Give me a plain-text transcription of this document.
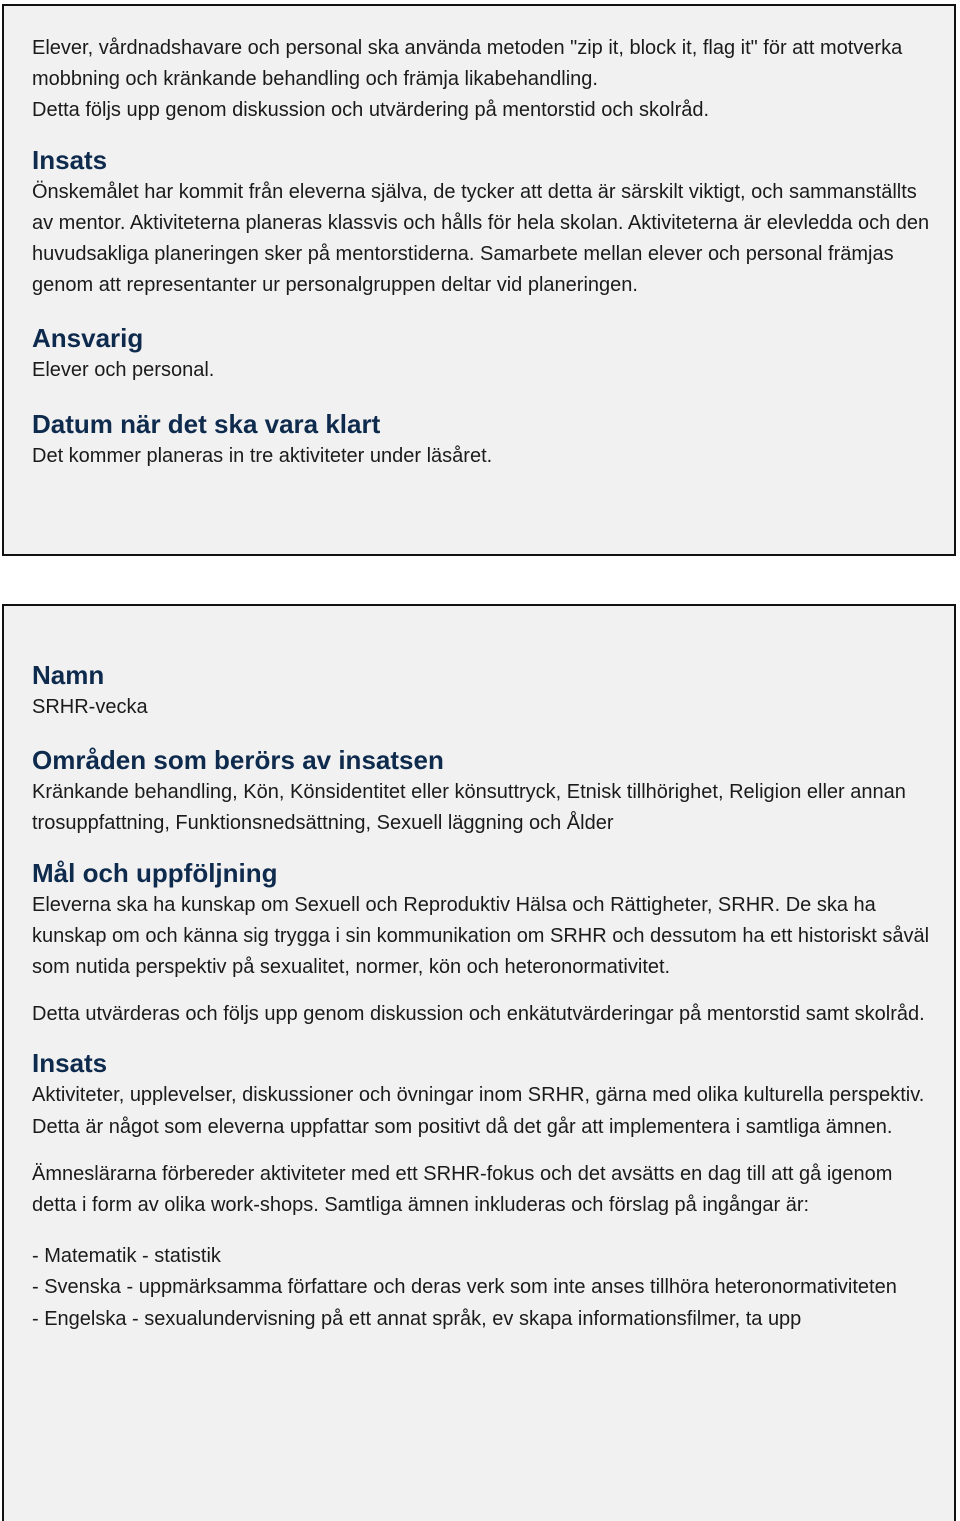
Elever, vårdnadshavare och personal ska använda metoden "zip it, block it, flag it" för att motverka mobbning och kränkande behandling och främja likabehandling.

Detta följs upp genom diskussion och utvärdering på mentorstid och skolråd.

Insats

Önskemålet har kommit från eleverna själva, de tycker att detta är särskilt viktigt, och sammanställts av mentor. Aktiviteterna planeras klassvis och hålls för hela skolan. Aktiviteterna är elevledda och den huvudsakliga planeringen sker på mentorstiderna. Samarbete mellan elever och personal främjas genom att representanter ur personalgruppen deltar vid planeringen.

Ansvarig

Elever och personal.

Datum när det ska vara klart

Det kommer planeras in tre aktiviteter under läsåret.

Namn

SRHR-vecka

Områden som berörs av insatsen

Kränkande behandling, Kön, Könsidentitet eller könsuttryck, Etnisk tillhörighet, Religion eller annan trosuppfattning, Funktionsnedsättning, Sexuell läggning och Ålder

Mål och uppföljning

Eleverna ska ha kunskap om Sexuell och Reproduktiv Hälsa och Rättigheter, SRHR. De ska ha kunskap om och känna sig trygga i sin kommunikation om SRHR och dessutom ha ett historiskt såväl som nutida perspektiv på sexualitet, normer, kön och heteronormativitet.

Detta utvärderas och följs upp genom diskussion och enkätutvärderingar på mentorstid samt skolråd.

Insats

Aktiviteter, upplevelser, diskussioner och övningar inom SRHR, gärna med olika kulturella perspektiv. Detta är något som eleverna uppfattar som positivt då det går att implementera i samtliga ämnen.

Ämneslärarna förbereder aktiviteter med ett SRHR-fokus och det avsätts en dag till att gå igenom detta i form av olika work-shops. Samtliga ämnen inkluderas och förslag på ingångar är:

- Matematik - statistik
- Svenska - uppmärksamma författare och deras verk som inte anses tillhöra heteronormativiteten
- Engelska - sexualundervisning på ett annat språk, ev skapa informationsfilmer, ta upp
